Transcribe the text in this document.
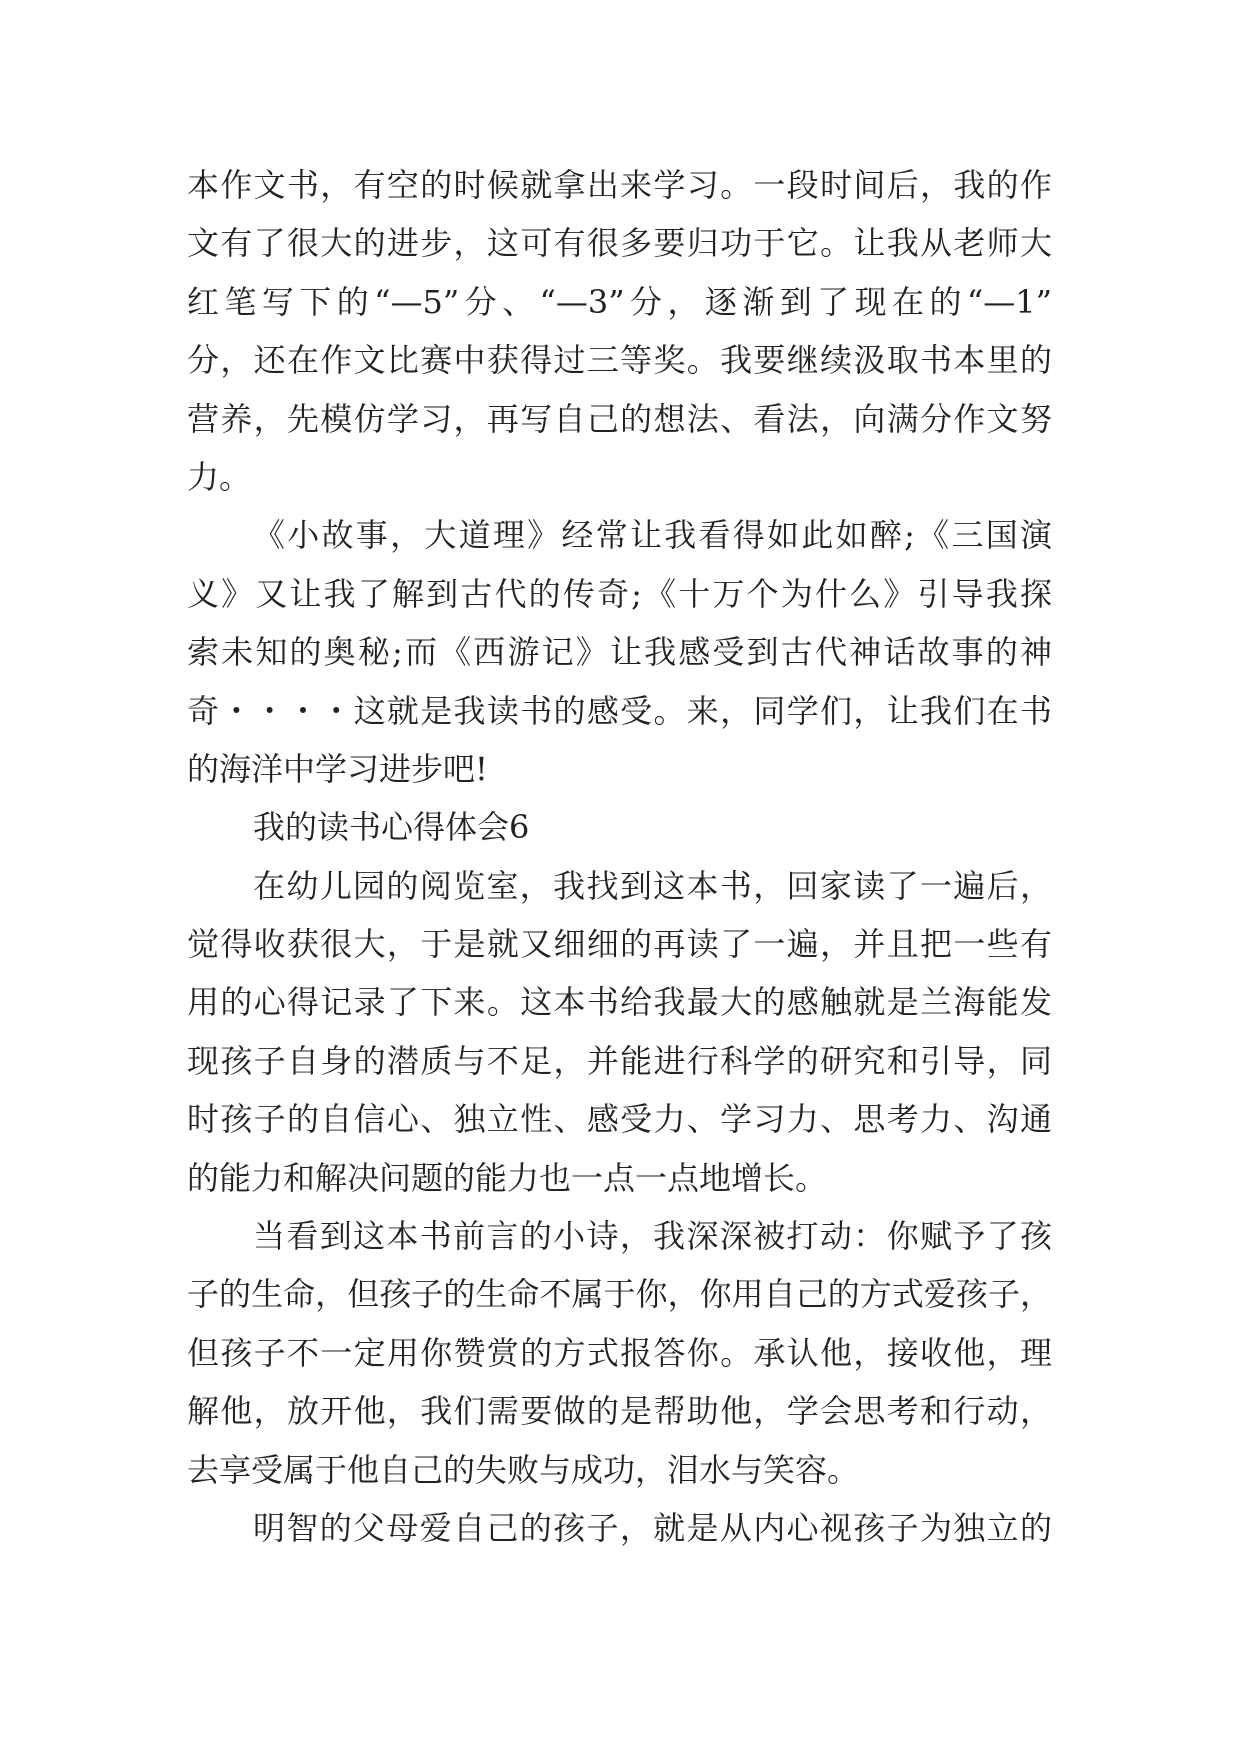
本作文书，有空的时候就拿出来学习。一段时间后，我的作
文有了很大的进步，这可有很多要归功于它。让我从老师大
红笔写下的“—5”分、“—3”分，逐渐到了现在的“—1”
分，还在作文比赛中获得过三等奖。我要继续汲取书本里的
营养，先模仿学习，再写自己的想法、看法，向满分作文努
力。
《小故事，大道理》经常让我看得如此如醉;《三国演
义》又让我了解到古代的传奇;《十万个为什么》引导我探
索未知的奥秘;而《西游记》让我感受到古代神话故事的神
奇・・・・这就是我读书的感受。来，同学们，让我们在书
的海洋中学习进步吧!
我的读书心得体会6
在幼儿园的阅览室，我找到这本书，回家读了一遍后，
觉得收获很大，于是就又细细的再读了一遍，并且把一些有
用的心得记录了下来。这本书给我最大的感触就是兰海能发
现孩子自身的潜质与不足，并能进行科学的研究和引导，同
时孩子的自信心、独立性、感受力、学习力、思考力、沟通
的能力和解决问题的能力也一点一点地增长。
当看到这本书前言的小诗，我深深被打动：你赋予了孩
子的生命，但孩子的生命不属于你，你用自己的方式爱孩子，
但孩子不一定用你赞赏的方式报答你。承认他，接收他，理
解他，放开他，我们需要做的是帮助他，学会思考和行动，
去享受属于他自己的失败与成功，泪水与笑容。
明智的父母爱自己的孩子，就是从内心视孩子为独立的
